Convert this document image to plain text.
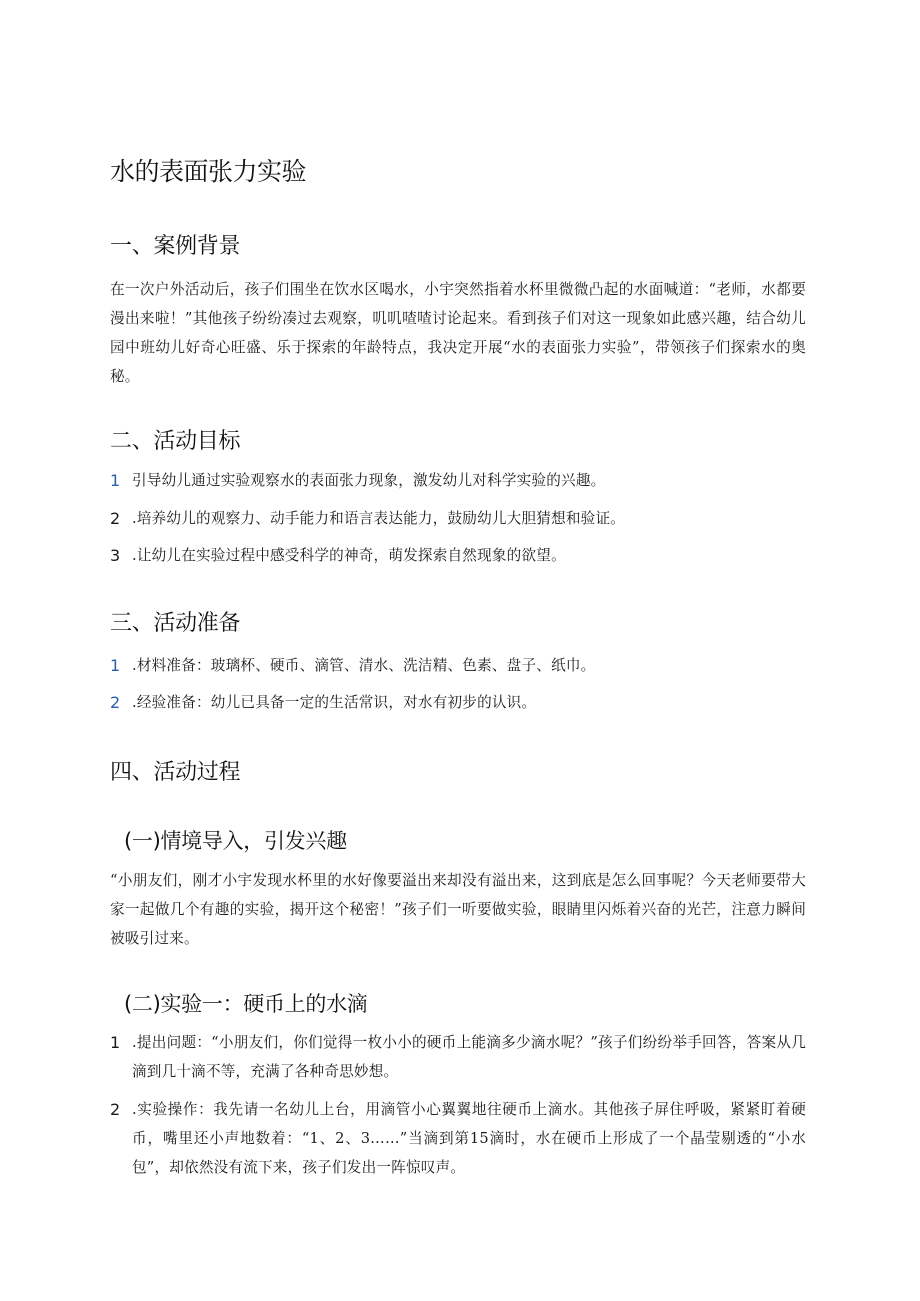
水的表面张力实验
一、案例背景
在一次户外活动后，孩子们围坐在饮水区喝水，小宇突然指着水杯里微微凸起的水面喊道：“老师，水都要漫出来啦！”其他孩子纷纷凑过去观察，叽叽喳喳讨论起来。看到孩子们对这一现象如此感兴趣，结合幼儿园中班幼儿好奇心旺盛、乐于探索的年龄特点，我决定开展“水的表面张力实验”，带领孩子们探索水的奥秘。
二、活动目标
1 引导幼儿通过实验观察水的表面张力现象，激发幼儿对科学实验的兴趣。
2 .培养幼儿的观察力、动手能力和语言表达能力，鼓励幼儿大胆猜想和验证。
3 .让幼儿在实验过程中感受科学的神奇，萌发探索自然现象的欲望。
三、活动准备
1 .材料准备：玻璃杯、硬币、滴管、清水、洗洁精、色素、盘子、纸巾。
2 .经验准备：幼儿已具备一定的生活常识，对水有初步的认识。
四、活动过程
(一)情境导入，引发兴趣
“小朋友们，刚才小宇发现水杯里的水好像要溢出来却没有溢出来，这到底是怎么回事呢？今天老师要带大家一起做几个有趣的实验，揭开这个秘密！”孩子们一听要做实验，眼睛里闪烁着兴奋的光芒，注意力瞬间被吸引过来。
(二)实验一：硬币上的水滴
1 .提出问题：“小朋友们，你们觉得一枚小小的硬币上能滴多少滴水呢？”孩子们纷纷举手回答，答案从几滴到几十滴不等，充满了各种奇思妙想。
2 .实验操作：我先请一名幼儿上台，用滴管小心翼翼地往硬币上滴水。其他孩子屏住呼吸，紧紧盯着硬币，嘴里还小声地数着：“1、2、3……”当滴到第15滴时，水在硬币上形成了一个晶莹剔透的“小水包”，却依然没有流下来，孩子们发出一阵惊叹声。
